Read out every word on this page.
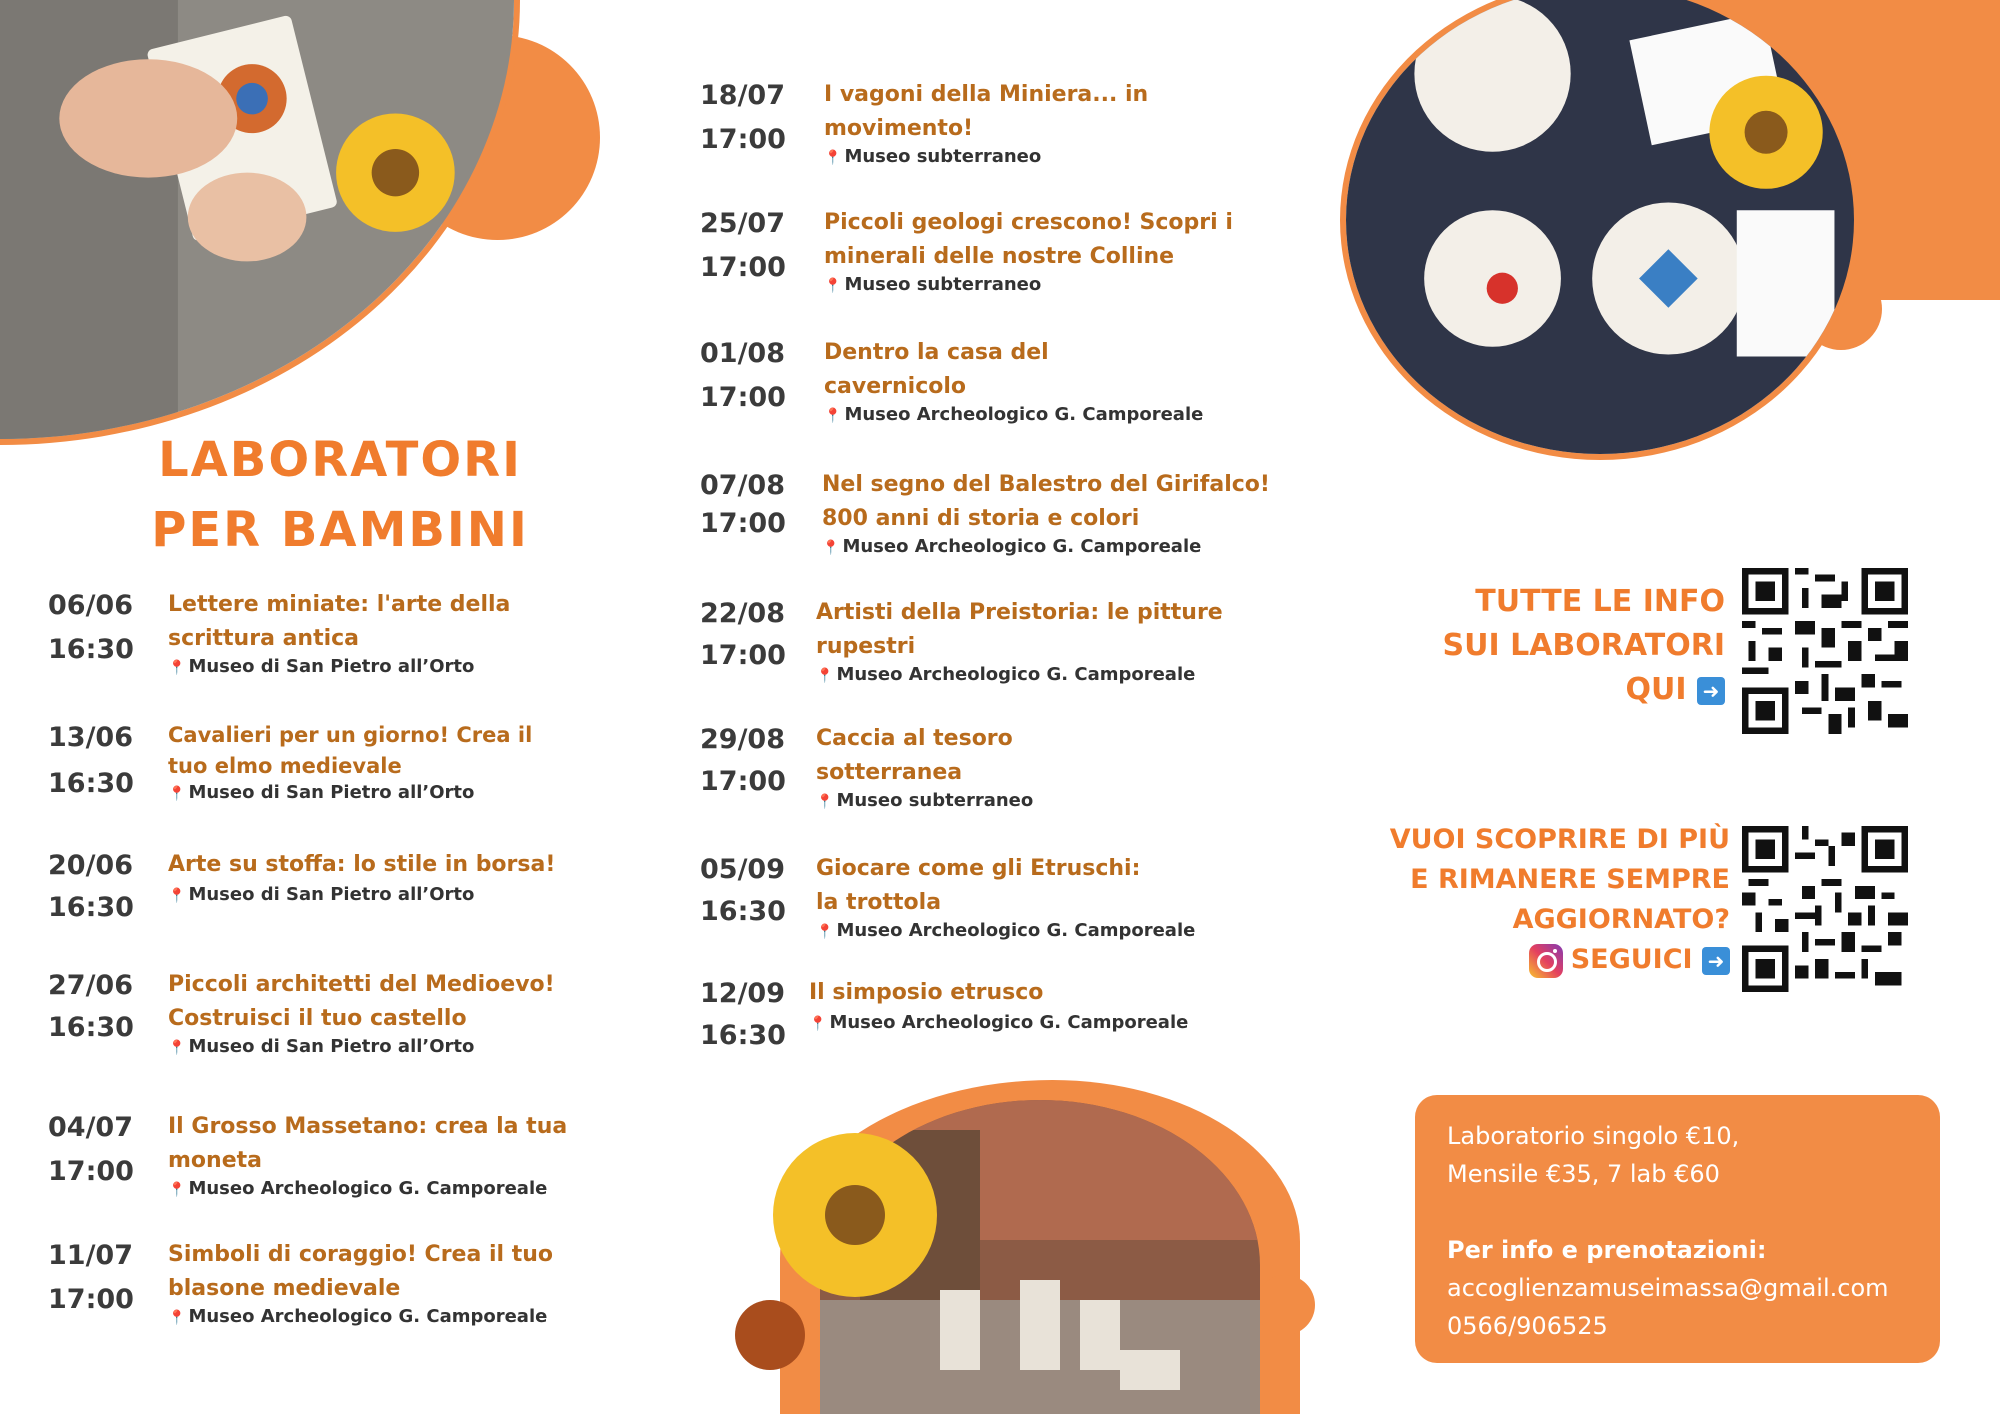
LABORATORI
PER BAMBINI
06/06
16:30
Lettere miniate: l'arte della scrittura antica
📍 Museo di San Pietro all’Orto
13/06
16:30
Cavalieri per un giorno! Crea il tuo elmo medievale
📍 Museo di San Pietro all’Orto
20/06
16:30
Arte su stoffa: lo stile in borsa!
📍 Museo di San Pietro all’Orto
27/06
16:30
Piccoli architetti del Medioevo! Costruisci il tuo castello
📍 Museo di San Pietro all’Orto
04/07
17:00
Il Grosso Massetano: crea la tua moneta
📍 Museo Archeologico G. Camporeale
11/07
17:00
Simboli di coraggio! Crea il tuo blasone medievale
📍 Museo Archeologico G. Camporeale
18/07
17:00
I vagoni della Miniera... in movimento!
📍 Museo subterraneo
25/07
17:00
Piccoli geologi crescono! Scopri i minerali delle nostre Colline
📍 Museo subterraneo
01/08
17:00
Dentro la casa del cavernicolo
📍 Museo Archeologico G. Camporeale
07/08
17:00
Nel segno del Balestro del Girifalco! 800 anni di storia e colori
📍 Museo Archeologico G. Camporeale
22/08
17:00
Artisti della Preistoria: le pitture rupestri
📍 Museo Archeologico G. Camporeale
29/08
17:00
Caccia al tesoro sotterranea
📍 Museo subterraneo
05/09
16:30
Giocare come gli Etruschi: la trottola
📍 Museo Archeologico G. Camporeale
12/09
16:30
Il simposio etrusco
📍 Museo Archeologico G. Camporeale
TUTTE LE INFO
SUI LABORATORI
QUI ➜
VUOI SCOPRIRE DI PIÙ
E RIMANERE SEMPRE
AGGIORNATO?
SEGUICI ➜
Laboratorio singolo €10,
Mensile €35, 7 lab €60
Per info e prenotazioni:
accoglienzamuseimassa@gmail.com
0566/906525
